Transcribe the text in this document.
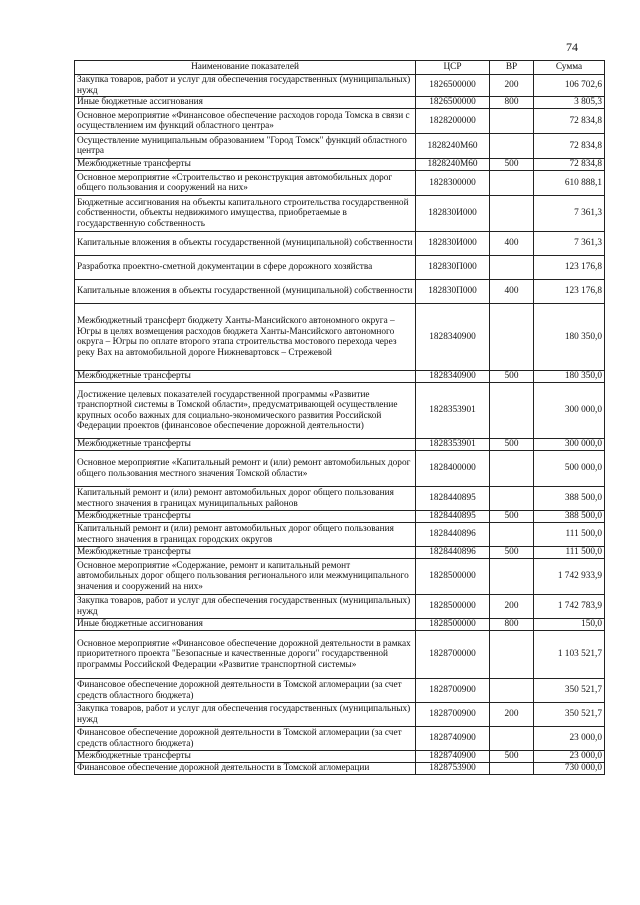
74
Наименование показателей	ЦСР	ВР	Сумма
Закупка товаров, работ и услуг для обеспечения государственных (муниципальных) нужд	1826500000	200	106 702,6
Иные бюджетные ассигнования	1826500000	800	3 805,3
Основное мероприятие «Финансовое обеспечение расходов города Томска в связи с осуществлением им функций областного центра»	1828200000		72 834,8
Осуществление муниципальным образованием "Город Томск" функций областного центра	1828240М60		72 834,8
Межбюджетные трансферты	1828240М60	500	72 834,8
Основное мероприятие «Строительство и реконструкция автомобильных дорог общего пользования и сооружений на них»	1828300000		610 888,1
Бюджетные ассигнования на объекты капитального строительства государственной собственности, объекты недвижимого имущества, приобретаемые в государственную собственность	182830И000		7 361,3
Капитальные вложения в объекты государственной (муниципальной) собственности	182830И000	400	7 361,3
Разработка проектно-сметной документации в сфере дорожного хозяйства	182830П000		123 176,8
Капитальные вложения в объекты государственной (муниципальной) собственности	182830П000	400	123 176,8
Межбюджетный трансферт бюджету Ханты-Мансийского автономного округа – Югры в целях возмещения расходов бюджета Ханты-Мансийского автономного округа – Югры по оплате второго этапа строительства мостового перехода через реку Вах на автомобильной дороге Нижневартовск – Стрежевой	1828340900		180 350,0
Межбюджетные трансферты	1828340900	500	180 350,0
Достижение целевых показателей государственной программы «Развитие транспортной системы в Томской области», предусматривающей осуществление крупных особо важных для социально-экономического развития Российской Федерации проектов (финансовое обеспечение дорожной деятельности)	1828353901		300 000,0
Межбюджетные трансферты	1828353901	500	300 000,0
Основное мероприятие «Капитальный ремонт и (или) ремонт автомобильных дорог общего пользования местного значения Томской области»	1828400000		500 000,0
Капитальный ремонт и (или) ремонт автомобильных дорог общего пользования местного значения в границах муниципальных районов	1828440895		388 500,0
Межбюджетные трансферты	1828440895	500	388 500,0
Капитальный ремонт и (или) ремонт автомобильных дорог общего пользования местного значения в границах городских округов	1828440896		111 500,0
Межбюджетные трансферты	1828440896	500	111 500,0
Основное мероприятие «Содержание, ремонт и капитальный ремонт автомобильных дорог общего пользования регионального или межмуниципального значения и сооружений на них»	1828500000		1 742 933,9
Закупка товаров, работ и услуг для обеспечения государственных (муниципальных) нужд	1828500000	200	1 742 783,9
Иные бюджетные ассигнования	1828500000	800	150,0
Основное мероприятие «Финансовое обеспечение дорожной деятельности в рамках приоритетного проекта "Безопасные и качественные дороги" государственной программы Российской Федерации «Развитие транспортной системы»	1828700000		1 103 521,7
Финансовое обеспечение дорожной деятельности в Томской агломерации (за счет средств областного бюджета)	1828700900		350 521,7
Закупка товаров, работ и услуг для обеспечения государственных (муниципальных) нужд	1828700900	200	350 521,7
Финансовое обеспечение дорожной деятельности в Томской агломерации (за счет средств областного бюджета)	1828740900		23 000,0
Межбюджетные трансферты	1828740900	500	23 000,0
Финансовое обеспечение дорожной деятельности в Томской агломерации	1828753900		730 000,0
